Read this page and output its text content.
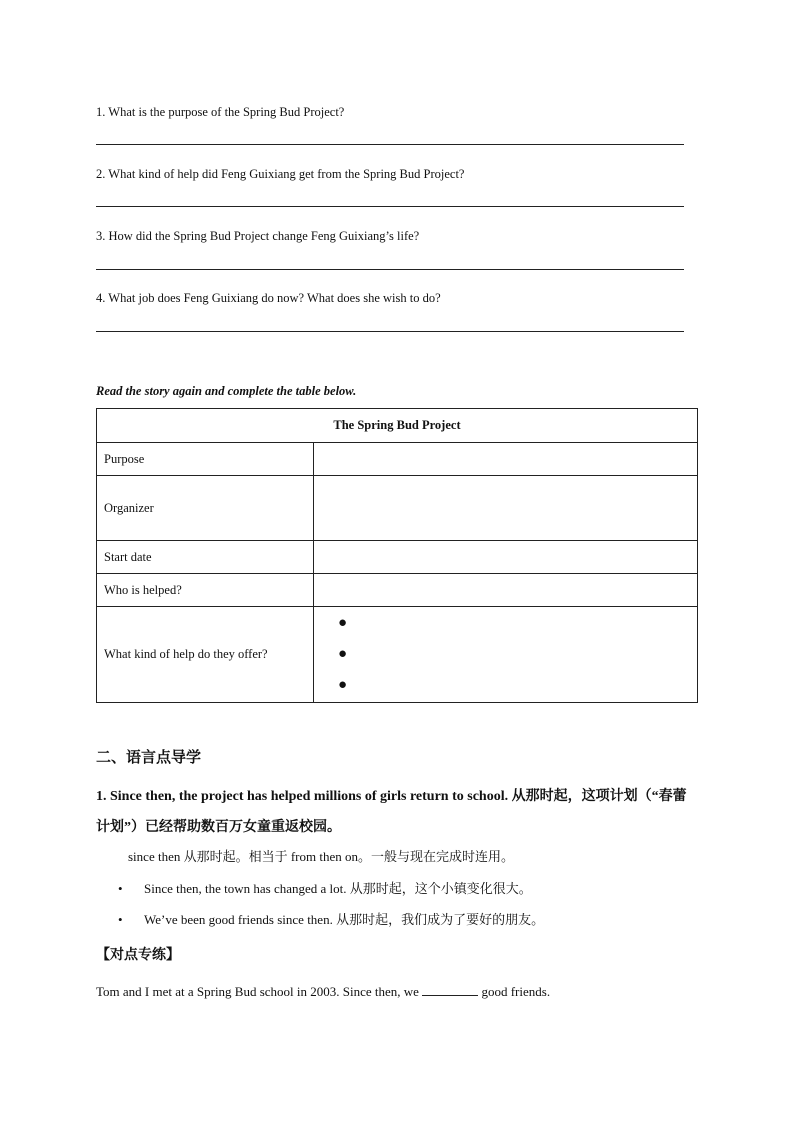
1. What is the purpose of the Spring Bud Project?
2. What kind of help did Feng Guixiang get from the Spring Bud Project?
3. How did the Spring Bud Project change Feng Guixiang’s life?
4. What job does Feng Guixiang do now? What does she wish to do?
Read the story again and complete the table below.
The Spring Bud Project	
Purpose	
Organizer	
Start date	
Who is helped?	
What kind of help do they offer?	●
●
●
二、语言点导学
1. Since then, the project has helped millions of girls return to school. 从那时起，这项计划（“春蕾计划”）已经帮助数百万女童重返校园。
since then 从那时起。相当于 from then on。一般与现在完成时连用。
• Since then, the town has changed a lot. 从那时起，这个小镇变化很大。
• We’ve been good friends since then. 从那时起，我们成为了要好的朋友。
【对点专练】
Tom and I met at a Spring Bud school in 2003. Since then, we	good friends.
